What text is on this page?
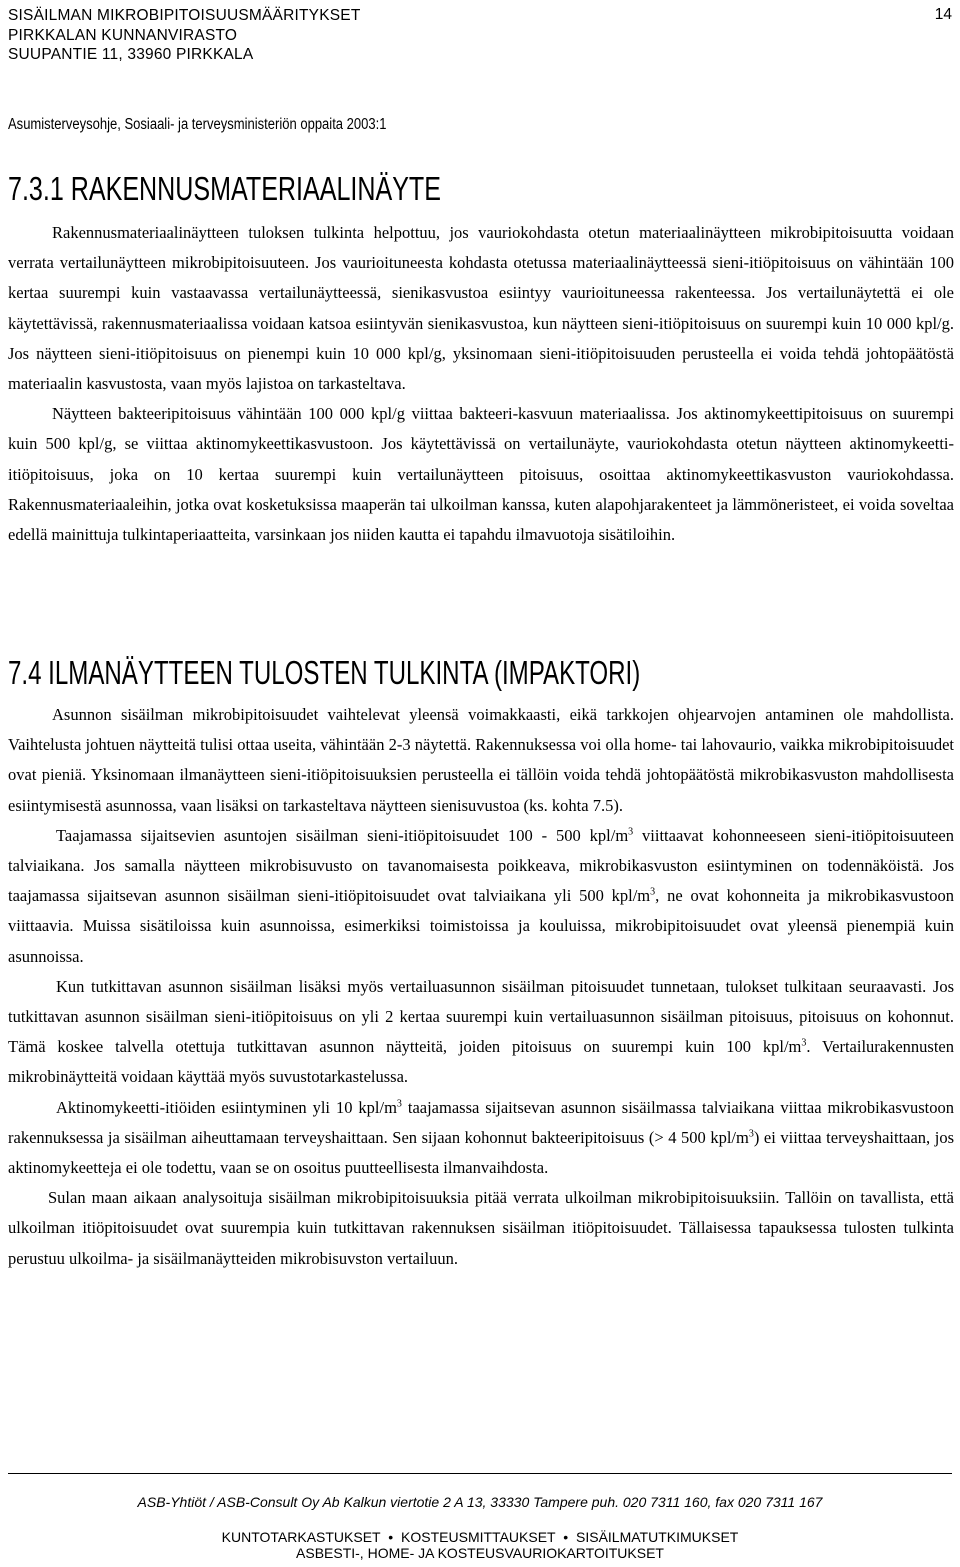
SISÄILMAN MIKROBIPITOISUUSMÄÄRITYKSET
PIRKKALAN KUNNANVIRASTO
SUUPANTIE 11, 33960 PIRKKALA
14
Asumisterveysohje, Sosiaali- ja terveysministeriön oppaita 2003:1
7.3.1 RAKENNUSMATERIAALINÄYTE

Rakennusmateriaalinäytteen tuloksen tulkinta helpottuu, jos vauriokohdasta otetun materiaalinäytteen mikrobipitoisuutta voidaan verrata vertailunäytteen mikrobipitoisuuteen. Jos vaurioituneesta kohdasta otetussa materiaalinäytteessä sieni-itiöpitoisuus on vähintään 100 kertaa suurempi kuin vastaavassa vertailunäytteessä, sienikasvustoa esiintyy vaurioituneessa rakenteessa. Jos vertailunäytettä ei ole käytettävissä, rakennusmateriaalissa voidaan katsoa esiintyvän sienikasvustoa, kun näytteen sieni-itiöpitoisuus on suurempi kuin 10 000 kpl/g. Jos näytteen sieni-itiöpitoisuus on pienempi kuin 10 000 kpl/g, yksinomaan sieni-itiöpitoisuuden perusteella ei voida tehdä johtopäätöstä materiaalin kasvustosta, vaan myös lajistoa on tarkasteltava.

Näytteen bakteeripitoisuus vähintään 100 000 kpl/g viittaa bakteeri-kasvuun materiaalissa. Jos aktinomykeettipitoisuus on suurempi kuin 500 kpl/g, se viittaa aktinomykeettikasvustoon. Jos käytettävissä on vertailunäyte, vauriokohdasta otetun näytteen aktinomykeetti-itiöpitoisuus, joka on 10 kertaa suurempi kuin vertailunäytteen pitoisuus, osoittaa aktinomykeettikasvuston vauriokohdassa. Rakennusmateriaaleihin, jotka ovat kosketuksissa maaperän tai ulkoilman kanssa, kuten alapohjarakenteet ja lämmöneristeet, ei voida soveltaa edellä mainittuja tulkintaperiaatteita, varsinkaan jos niiden kautta ei tapahdu ilmavuotoja sisätiloihin.

7.4 ILMANÄYTTEEN TULOSTEN TULKINTA (IMPAKTORI)

Asunnon sisäilman mikrobipitoisuudet vaihtelevat yleensä voimakkaasti, eikä tarkkojen ohjearvojen antaminen ole mahdollista. Vaihtelusta johtuen näytteitä tulisi ottaa useita, vähintään 2-3 näytettä. Rakennuksessa voi olla home- tai lahovaurio, vaikka mikrobipitoisuudet ovat pieniä. Yksinomaan ilmanäytteen sieni-itiöpitoisuuksien perusteella ei tällöin voida tehdä johtopäätöstä mikrobikasvuston mahdollisesta esiintymisestä asunnossa, vaan lisäksi on tarkasteltava näytteen sienisuvustoa (ks. kohta 7.5).

Taajamassa sijaitsevien asuntojen sisäilman sieni-itiöpitoisuudet 100 - 500 kpl/$m^3$ viittaavat kohonneeseen sieni-itiöpitoisuuteen talviaikana. Jos samalla näytteen mikrobisuvusto on tavanomaisesta poikkeava, mikrobikasvuston esiintyminen on todennäköistä. Jos taajamassa sijaitsevan asunnon sisäilman sieni-itiöpitoisuudet ovat talviaikana yli 500 kpl/$m^3$, ne ovat kohonneita ja mikrobikasvustoon viittaavia. Muissa sisätiloissa kuin asunnoissa, esimerkiksi toimistoissa ja kouluissa, mikrobipitoisuudet ovat yleensä pienempiä kuin asunnoissa.

Kun tutkittavan asunnon sisäilman lisäksi myös vertailuasunnon sisäilman pitoisuudet tunnetaan, tulokset tulkitaan seuraavasti. Jos tutkittavan asunnon sisäilman sieni-itiöpitoisuus on yli 2 kertaa suurempi kuin vertailuasunnon sisäilman pitoisuus, pitoisuus on kohonnut. Tämä koskee talvella otettuja tutkittavan asunnon näytteitä, joiden pitoisuus on suurempi kuin 100 kpl/$m^3$. Vertailurakennusten mikrobinäytteitä voidaan käyttää myös suvustotarkastelussa.

Aktinomykeetti-itiöiden esiintyminen yli 10 kpl/$m^3$ taajamassa sijaitsevan asunnon sisäilmassa talviaikana viittaa mikrobikasvustoon rakennuksessa ja sisäilman aiheuttamaan terveyshaittaan. Sen sijaan kohonnut bakteeripitoisuus (> 4 500 kpl/$m^3$) ei viittaa terveyshaittaan, jos aktinomykeetteja ei ole todettu, vaan se on osoitus puutteellisesta ilmanvaihdosta.

Sulan maan aikaan analysoituja sisäilman mikrobipitoisuuksia pitää verrata ulkoilman mikrobipitoisuuksiin. Tallöin on tavallista, että ulkoilman itiöpitoisuudet ovat suurempia kuin tutkittavan rakennuksen sisäilman itiöpitoisuudet. Tällaisessa tapauksessa tulosten tulkinta perustuu ulkoilma- ja sisäilmanäytteiden mikrobisuvston vertailuun.

ASB-Yhtiöt / ASB-Consult Oy Ab Kalkun viertotie 2 A 13, 33330 Tampere puh. 020 7311 160, fax 020 7311 167
KUNTOTARKASTUKSET • KOSTEUSMITTAUKSET • SISÄILMATUTKIMUKSET
ASBESTI-, HOME- JA KOSTEUSVAURIOKARTOITUKSET
